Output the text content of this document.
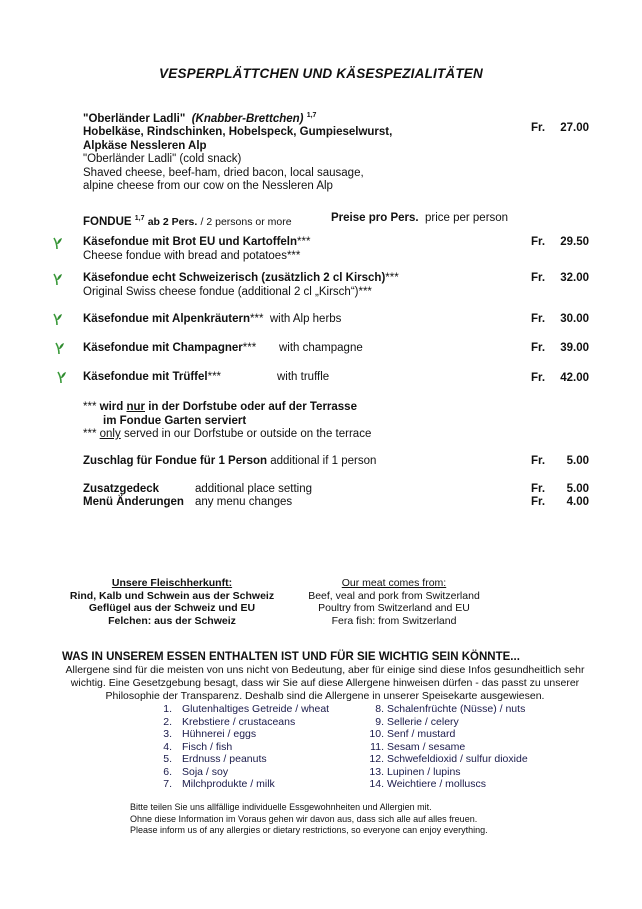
VESPERPLÄTTCHEN UND KÄSESPEZIALITÄTEN
"Oberländer Ladli" (Knabber-Brettchen) $^{1,7}$
Hobelkäse, Rindschinken, Hobelspeck, Gumpieselwurst,
Alpkäse Nessleren Alp
"Oberländer Ladli" (cold snack)
Shaved cheese, beef-ham, dried bacon, local sausage,
alpine cheese from our cow on the Nessleren Alp
Fr. 27.00
FONDUE $^{1,7}$ ab 2 Pers. / 2 persons or more	Preise pro Pers. price per person
Käsefondue mit Brot EU und Kartoffeln***
Cheese fondue with bread and potatoes***
Fr. 29.50
Käsefondue echt Schweizerisch (zusätzlich 2 cl Kirsch)***
Original Swiss cheese fondue (additional 2 cl „Kirsch“)***
Fr. 32.00
Käsefondue mit Alpenkräutern*** with Alp herbs	Fr. 30.00
Käsefondue mit Champagner*** with champagne	Fr. 39.00
Käsefondue mit Trüffel***	with truffle	Fr. 42.00
*** wird nur in der Dorfstube oder auf der Terrasse
im Fondue Garten serviert
*** only served in our Dorfstube or outside on the terrace
Zuschlag für Fondue für 1 Person additional if 1 person	Fr. 5.00
Zusatzgedeck	additional place setting	Fr. 5.00
Menü Änderungen any menu changes	Fr. 4.00
Unsere Fleischherkunft:
Rind, Kalb und Schwein aus der Schweiz
Geflügel aus der Schweiz und EU
Felchen: aus der Schweiz
Our meat comes from:
Beef, veal and pork from Switzerland
Poultry from Switzerland and EU
Fera fish: from Switzerland
WAS IN UNSEREM ESSEN ENTHALTEN IST UND FÜR SIE WICHTIG SEIN KÖNNTE...
Allergene sind für die meisten von uns nicht von Bedeutung, aber für einige sind diese Infos gesundheitlich sehr wichtig. Eine Gesetzgebung besagt, dass wir Sie auf diese Allergene hinweisen dürfen - das passt zu unserer Philosophie der Transparenz. Deshalb sind die Allergene in unserer Speisekarte ausgewiesen.
1. Glutenhaltiges Getreide / wheat
2. Krebstiere / crustaceans
3. Hühnerei / eggs
4. Fisch / fish
5. Erdnuss / peanuts
6. Soja / soy
7. Milchprodukte / milk
8. Schalenfrüchte (Nüsse) / nuts
9. Sellerie / celery
10. Senf / mustard
11. Sesam / sesame
12. Schwefeldioxid / sulfur dioxide
13. Lupinen / lupins
14. Weichtiere / molluscs
Bitte teilen Sie uns allfällige individuelle Essgewohnheiten und Allergien mit.
Ohne diese Information im Voraus gehen wir davon aus, dass sich alle auf alles freuen.
Please inform us of any allergies or dietary restrictions, so everyone can enjoy everything.
